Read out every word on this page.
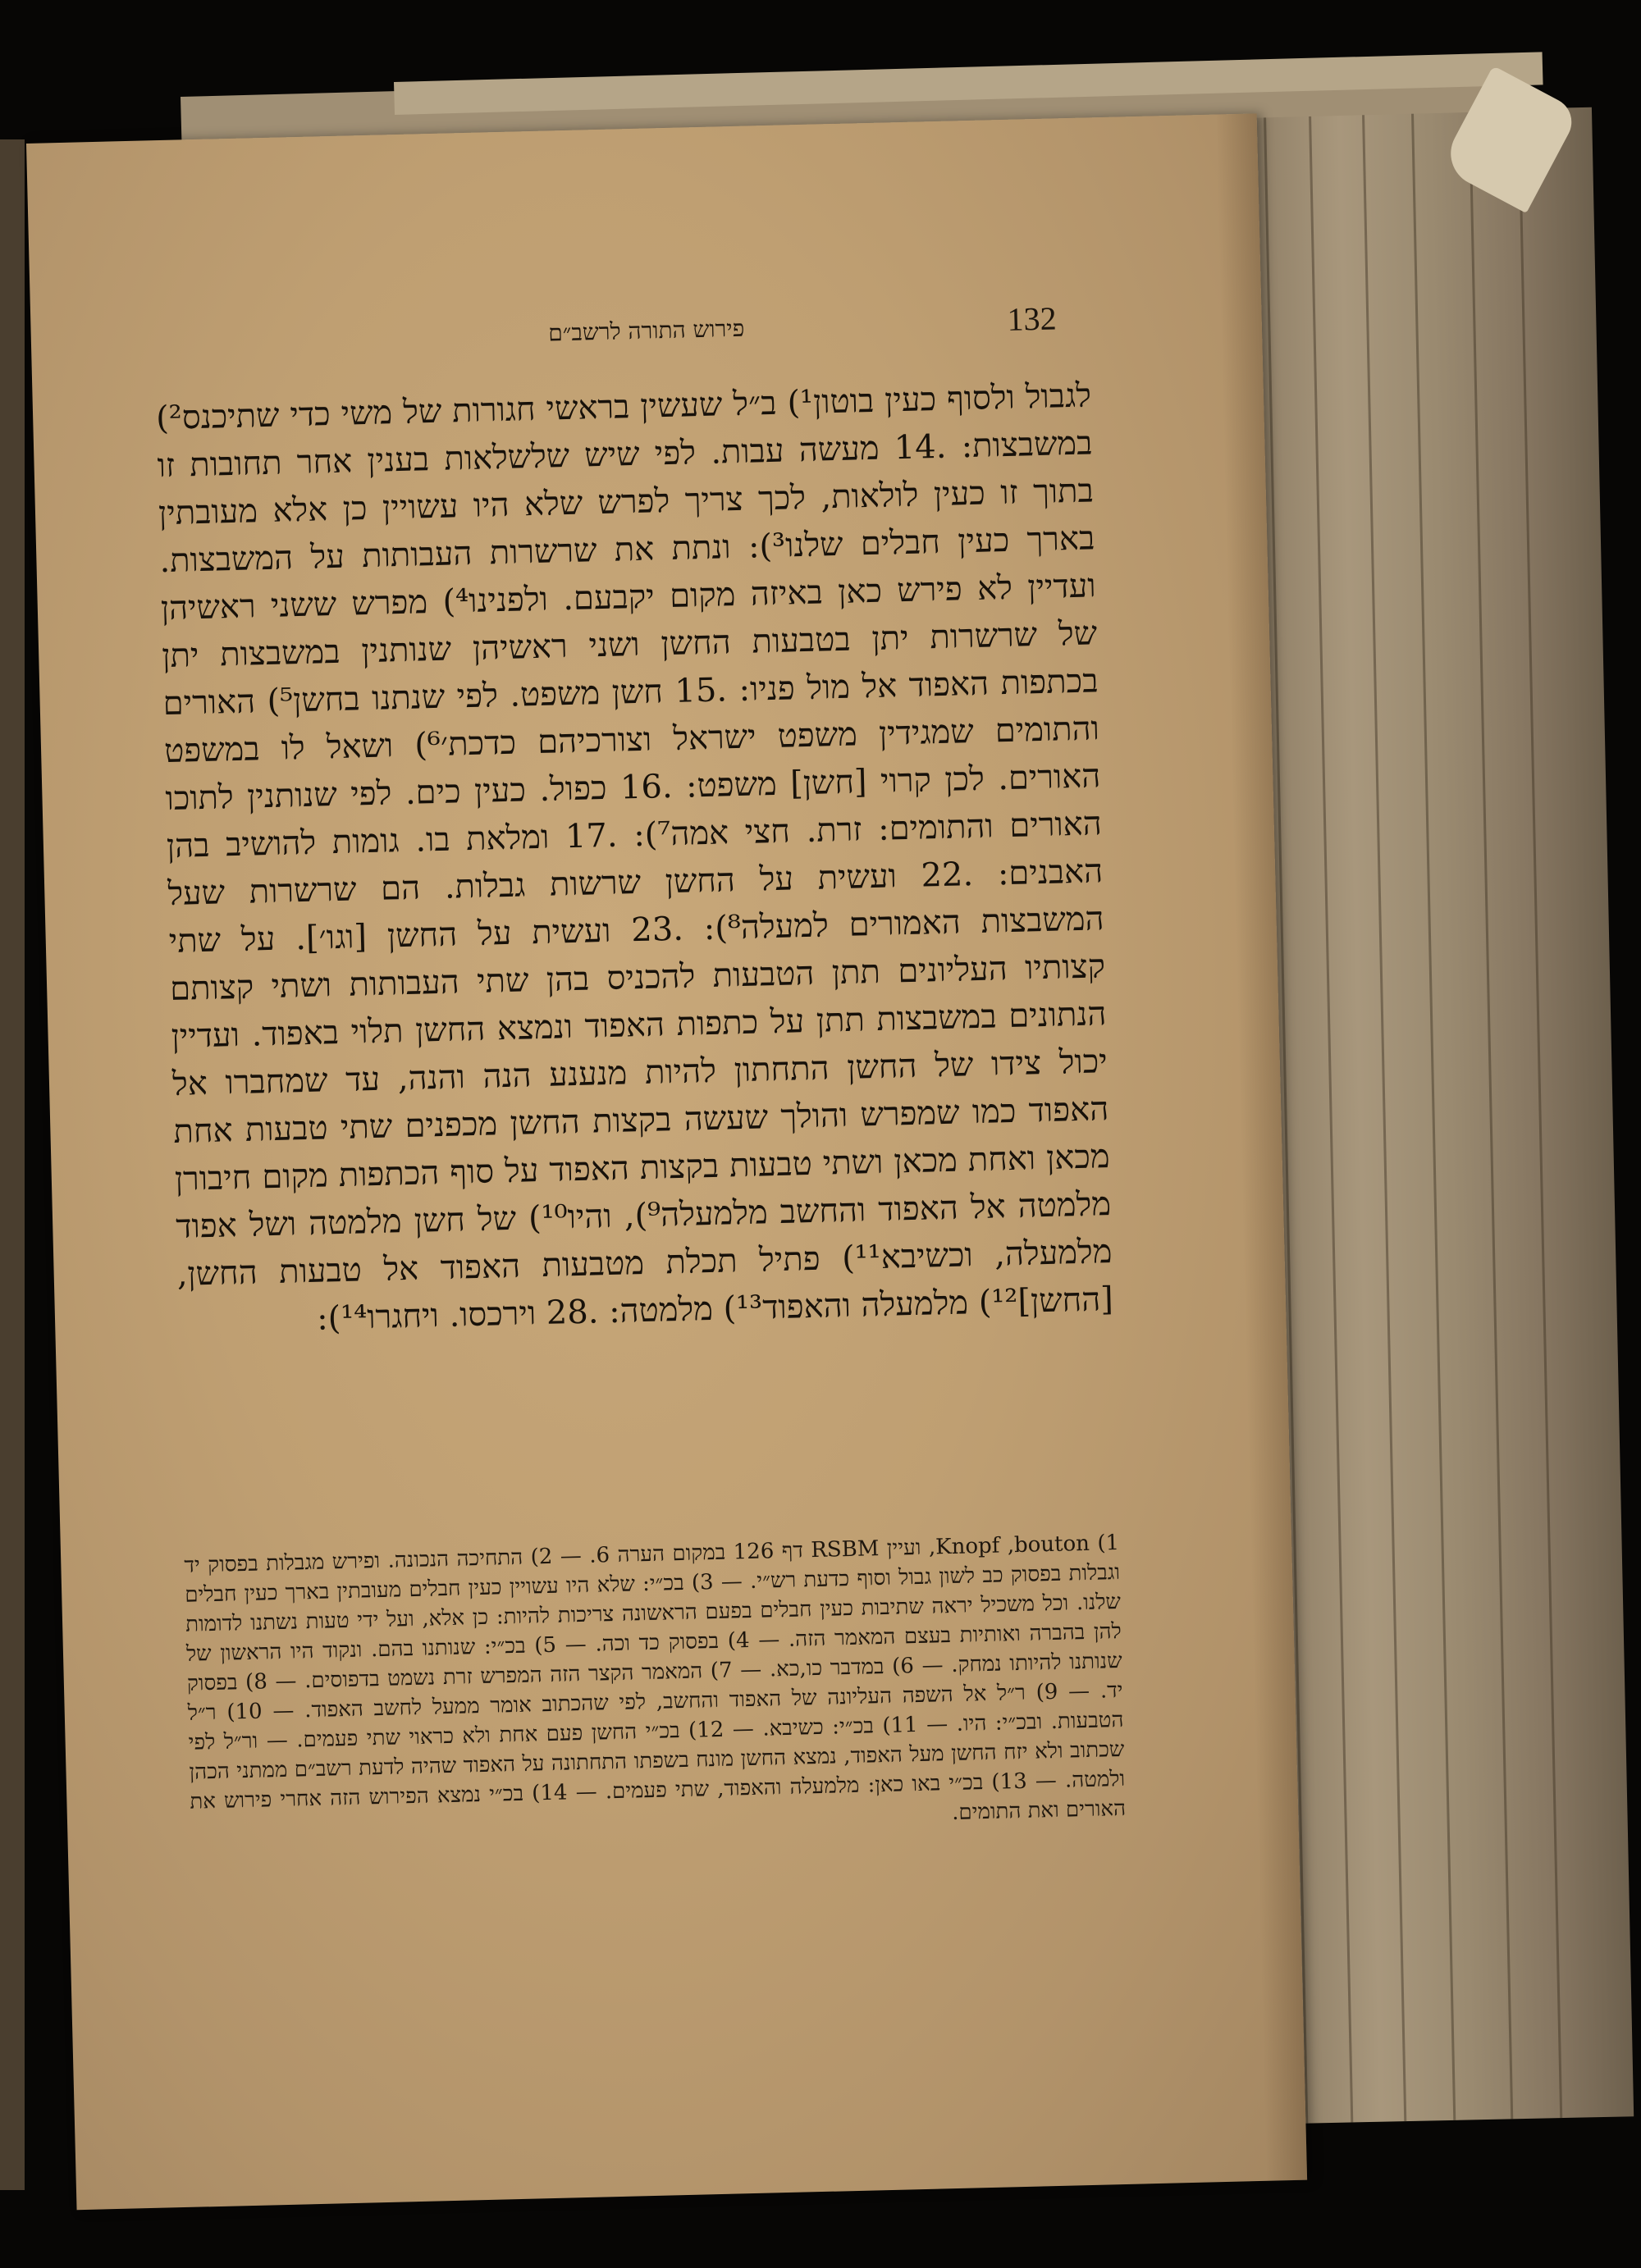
132
פירוש התורה לרשב״ם

לגבול ולסוף כעין בוטון¹) ב״ל שעשין בראשי חגורות של משי כדי שתיכנס²) במשבצות: .14 מעשה עבות. לפי שיש שלשלאות בענין אחר תחובות זו בתוך זו כעין לולאות, לכך צריך לפרש שלא היו עשויין כן אלא מעובתין בארך כעין חבלים שלנו³): ונתת את שרשרות העבותות על המשבצות. ועדיין לא פירש כאן באיזה מקום יקבעם. ולפנינו⁴) מפרש ששני ראשיהן של שרשרות יתן בטבעות החשן ושני ראשיהן שנותנין במשבצות יתן בכתפות האפוד אל מול פניו: .15 חשן משפט. לפי שנתנו בחשן⁵) האורים והתומים שמגידין משפט ישראל וצורכיהם כדכת׳⁶) ושאל לו במשפט האורים. לכן קרוי [חשן] משפט: .16 כפול. כעין כים. לפי שנותנין לתוכו האורים והתומים: זרת. חצי אמה⁷): .17 ומלאת בו. גומות להושיב בהן האבנים: .22 ועשית על החשן שרשות גבלות. הם שרשרות שעל המשבצות האמורים למעלה⁸): .23 ועשית על החשן [וגו׳]. על שתי קצותיו העליונים תתן הטבעות להכניס בהן שתי העבותות ושתי קצותם הנתונים במשבצות תתן על כתפות האפוד ונמצא החשן תלוי באפוד. ועדיין יכול צידו של החשן התחתון להיות מנענע הנה והנה, עד שמחברו אל האפוד כמו שמפרש והולך שעשה בקצות החשן מכפנים שתי טבעות אחת מכאן ואחת מכאן ושתי טבעות בקצות האפוד על סוף הכתפות מקום חיבורן מלמטה אל האפוד והחשב מלמעלה⁹), והיו¹⁰) של חשן מלמטה ושל אפוד מלמעלה, וכשיבא¹¹) פתיל תכלת מטבעות האפוד אל טבעות החשן, [החשן]¹²) מלמעלה והאפוד¹³) מלמטה: .28 וירכסו. ויחגרו¹⁴):

1) Knopf ,bouton, ועיין RSBM דף 126 במקום הערה 6. — 2) התחיכה הנכונה. ופירש מגבלות בפסוק יד וגבלות בפסוק כב לשון גבול וסוף כדעת רש״י. — 3) בכ״י: שלא היו עשויין כעין חבלים מעובתין בארך כעין חבלים שלנו. וכל משכיל יראה שתיבות כעין חבלים בפעם הראשונה צריכות להיות: כן אלא, ועל ידי טעות נשתנו לדומות להן בהברה ואותיות בעצם המאמר הזה. — 4) בפסוק כד וכה. — 5) בכ״י: שנותנו בהם. ונקוד היו הראשון של שנותנו להיותו נמחק. — 6) במדבר כו,כא. — 7) המאמר הקצר הזה המפרש זרת נשמט בדפוסים. — 8) בפסוק יד. — 9) ר״ל אל השפה העליונה של האפוד והחשב, לפי שהכתוב אומר ממעל לחשב האפוד. — 10) ר״ל הטבעות. ובכ״י: היו. — 11) בכ״י: כשיבא. — 12) בכ״י החשן פעם אחת ולא כראוי שתי פעמים. — ור״ל לפי שכתוב ולא יזח החשן מעל האפוד, נמצא החשן מונח בשפתו התחתונה על האפוד שהיה לדעת רשב״ם ממתני הכהן ולמטה. — 13) בכ״י באו כאן: מלמעלה והאפוד, שתי פעמים. — 14) בכ״י נמצא הפירוש הזה אחרי פירוש את האורים ואת התומים.
